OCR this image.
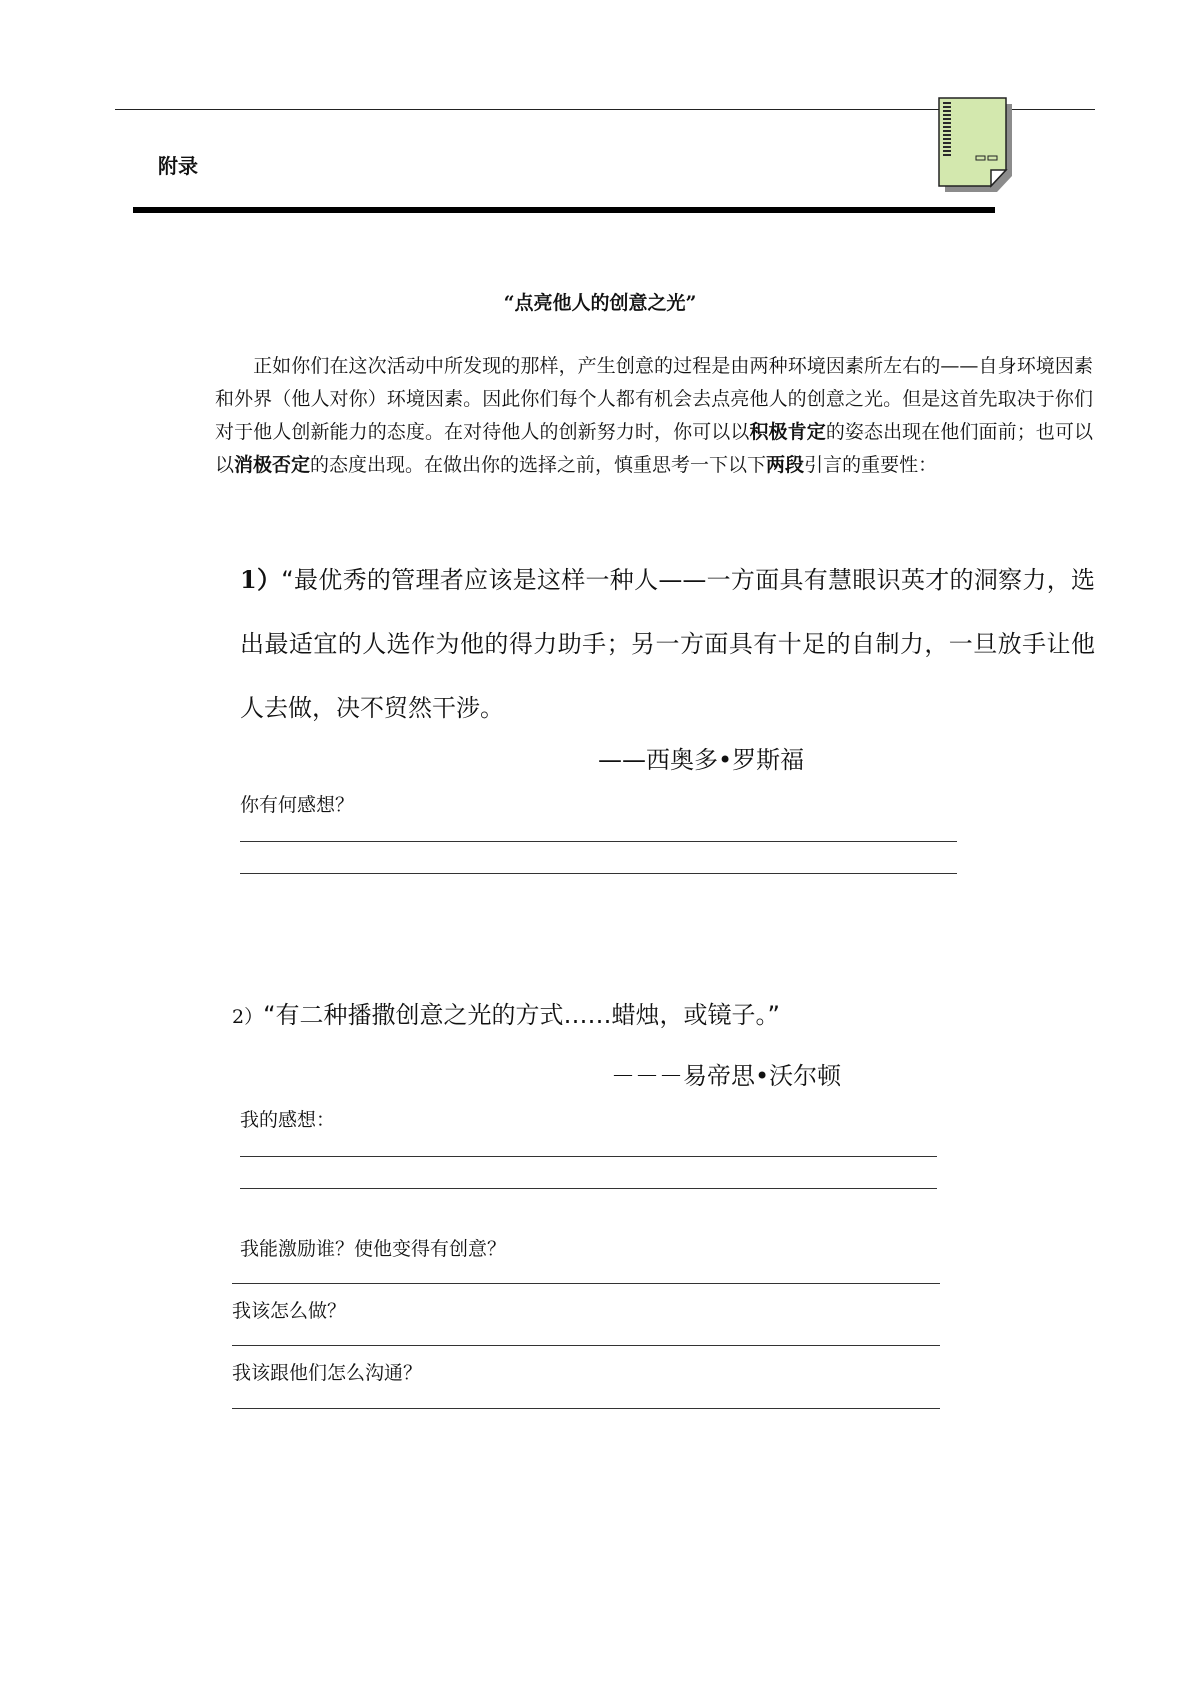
附录
“点亮他人的创意之光”
正如你们在这次活动中所发现的那样，产生创意的过程是由两种环境因素所左右的——自身环境因素和外界（他人对你）环境因素。因此你们每个人都有机会去点亮他人的创意之光。但是这首先取决于你们对于他人创新能力的态度。在对待他人的创新努力时，你可以以积极肯定的姿态出现在他们面前；也可以以消极否定的态度出现。在做出你的选择之前，慎重思考一下以下两段引言的重要性：
1）“最优秀的管理者应该是这样一种人——一方面具有慧眼识英才的洞察力，选出最适宜的人选作为他的得力助手；另一方面具有十足的自制力，一旦放手让他人去做，决不贸然干涉。
——西奥多•罗斯福
你有何感想？
2）“有二种播撒创意之光的方式……蜡烛，或镜子。”
－－－易帝思•沃尔顿
我的感想：
我能激励谁？使他变得有创意？
我该怎么做？
我该跟他们怎么沟通？
